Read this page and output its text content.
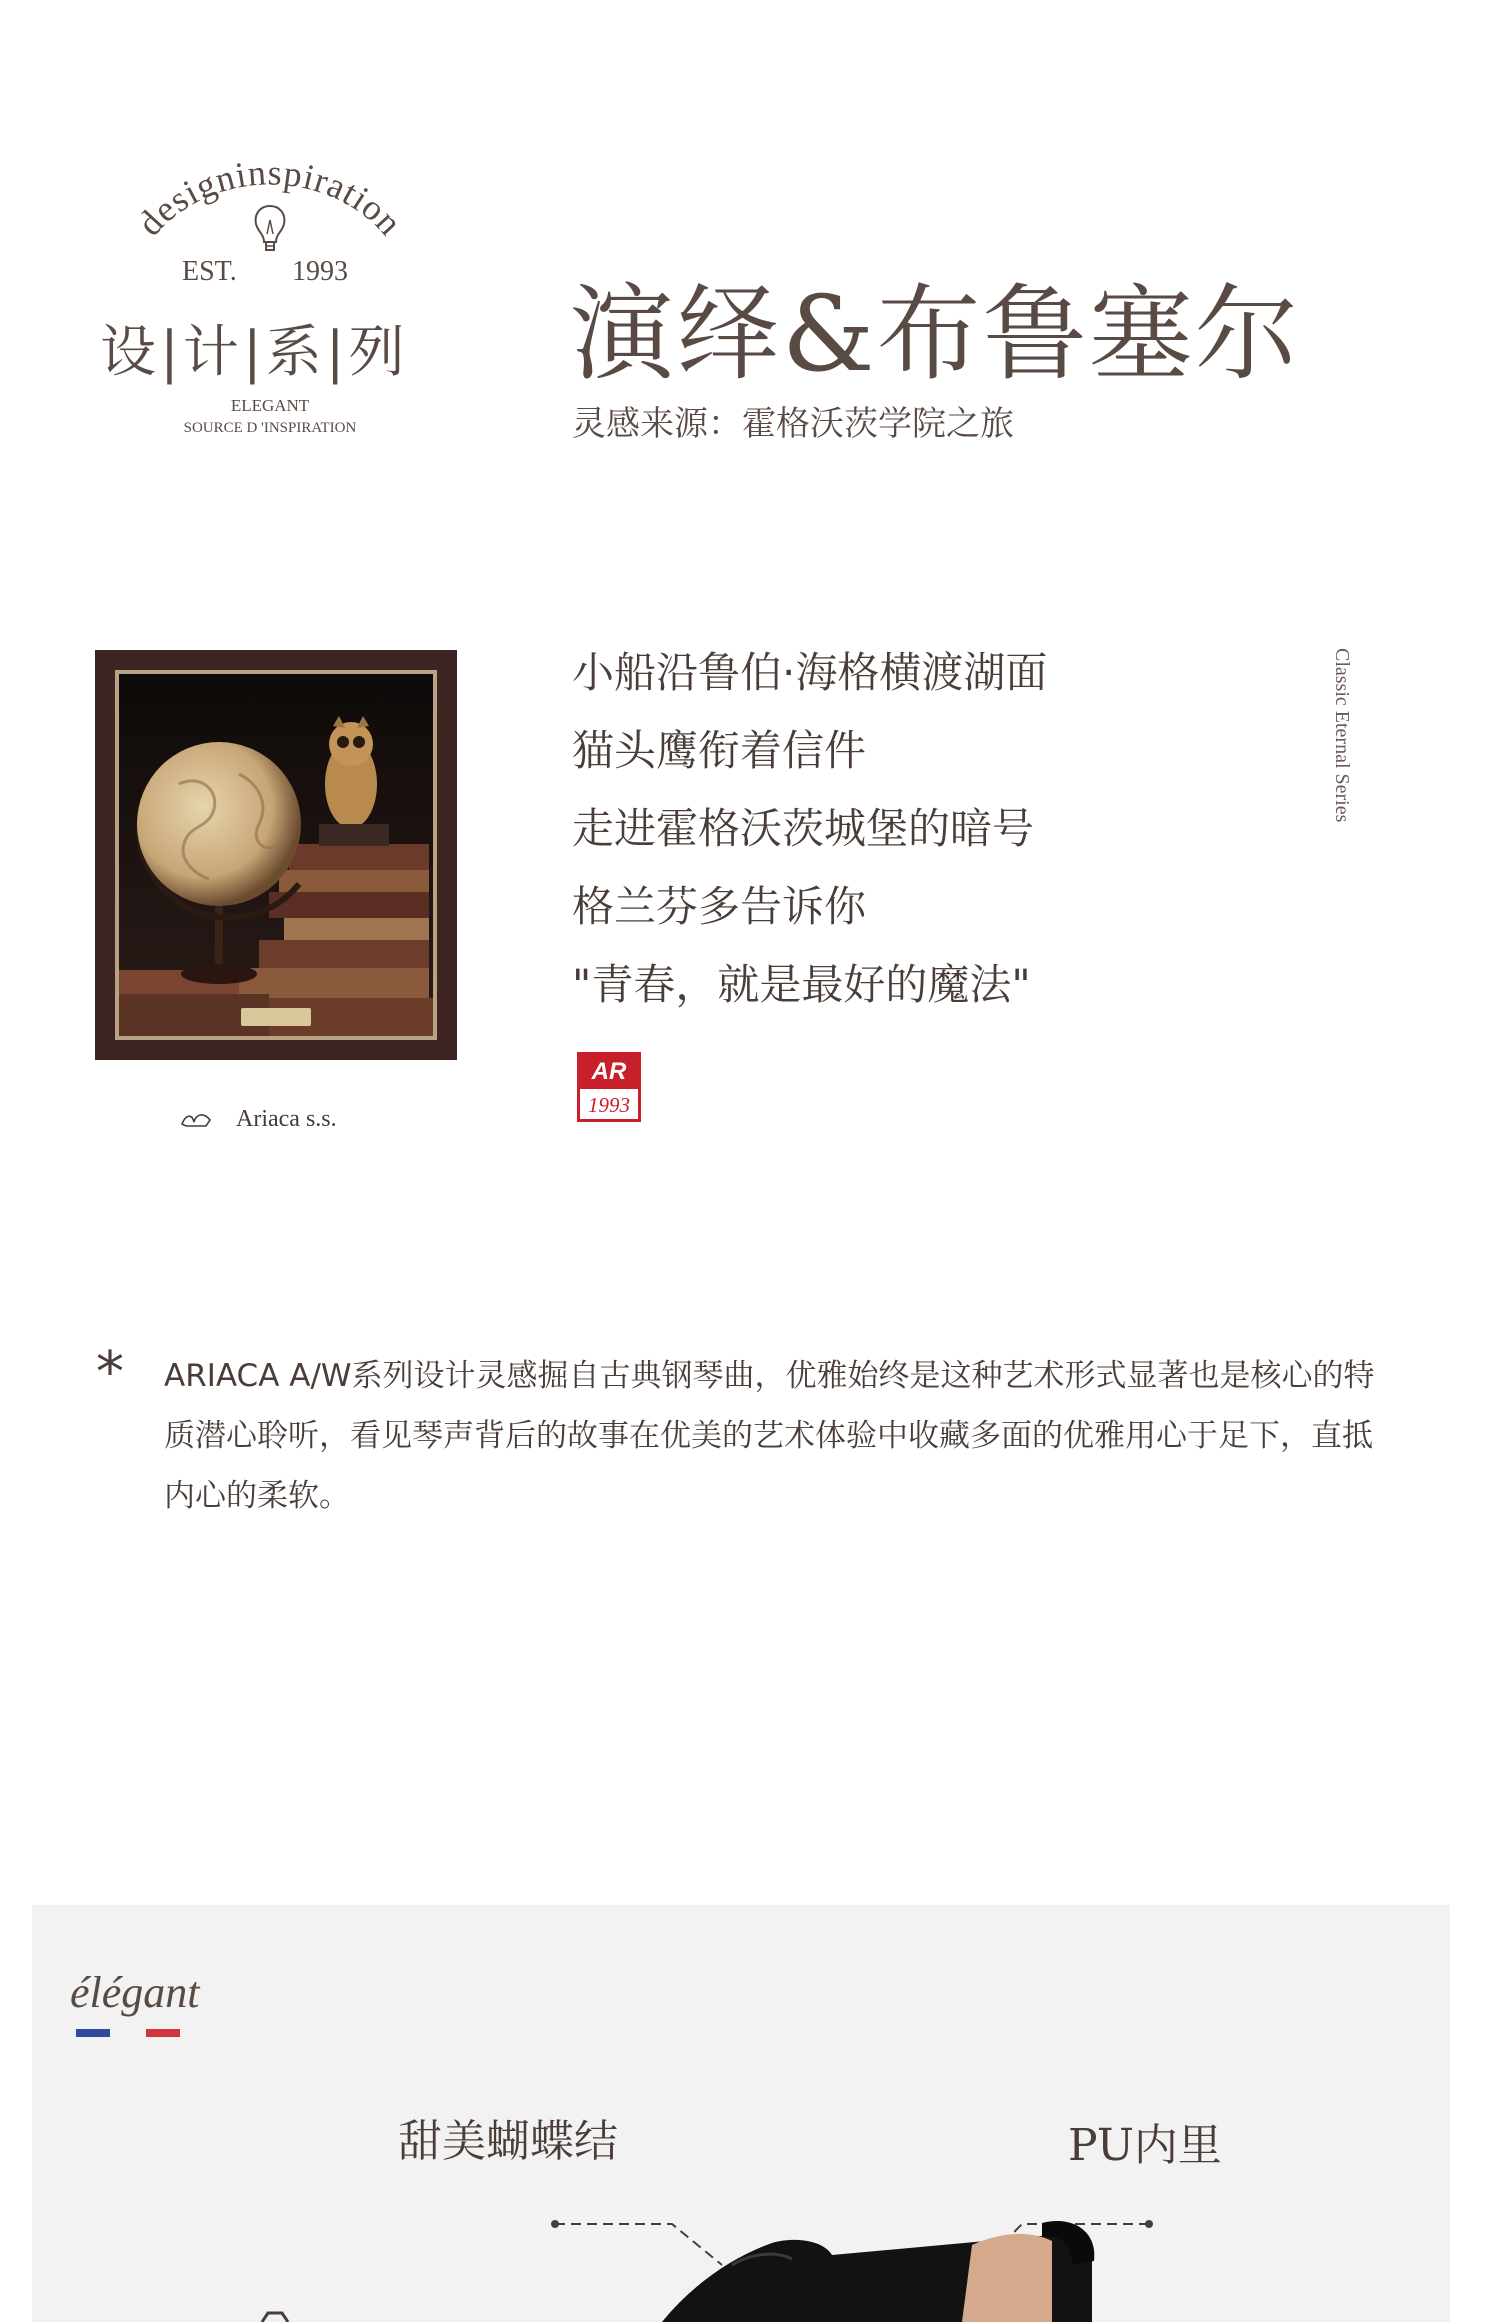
designinspiration
EST. 1993
设|计|系|列
ELEGANT
SOURCE D 'INSPIRATION
演绎&布鲁塞尔
灵感来源：霍格沃茨学院之旅
Ariaca s.s.
小船沿鲁伯·海格横渡湖面
猫头鹰衔着信件
走进霍格沃茨城堡的暗号
格兰芬多告诉你
"青春，就是最好的魔法"
Classic Eternal Series
AR
1993
* ARIACA A/W系列设计灵感掘自古典钢琴曲，优雅始终是这种艺术形式显著也是核心的特质潜心聆听，看见琴声背后的故事在优美的艺术体验中收藏多面的优雅用心于足下，直抵内心的柔软。
élégant
甜美蝴蝶结	PU内里
